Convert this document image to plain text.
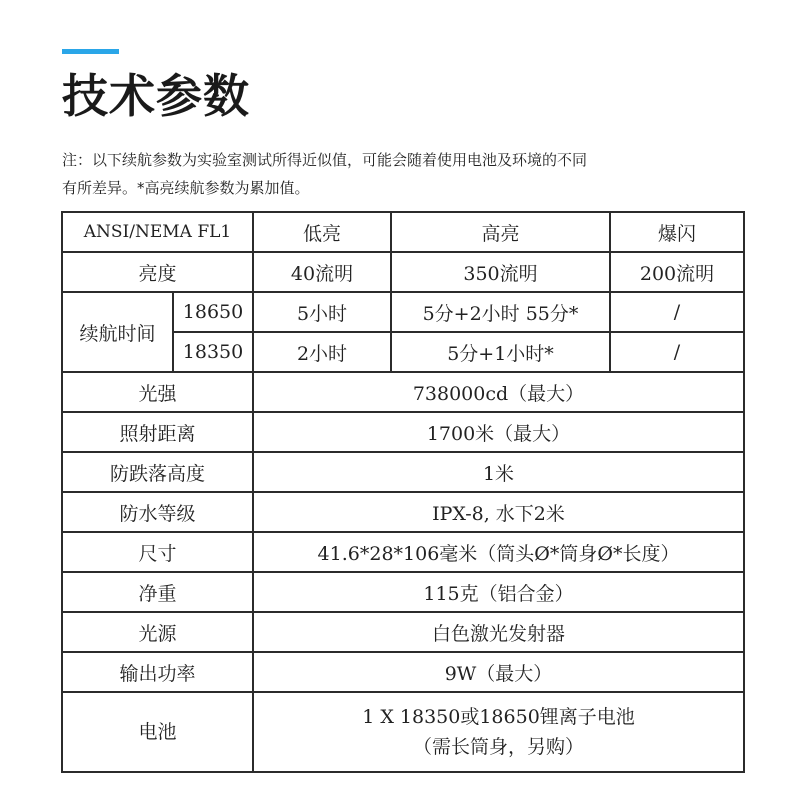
技术参数
注：以下续航参数为实验室测试所得近似值，可能会随着使用电池及环境的不同
有所差异。*高亮续航参数为累加值。
ANSI/NEMA FL1		低亮	高亮	爆闪
亮度		40流明	350流明	200流明
续航时间	18650	5小时	5分+2小时 55分*	/
	18350	2小时	5分+1小时*	/
光强		738000cd（最大）		
照射距离		1700米（最大）		
防跌落高度		1米		
防水等级		IPX-8, 水下2米		
尺寸		41.6*28*106毫米（筒头Ø*筒身Ø*长度）		
净重		115克（铝合金）		
光源		白色激光发射器		
输出功率		9W（最大）		
电池		1 X 18350或18650锂离子电池
（需长筒身，另购）		
